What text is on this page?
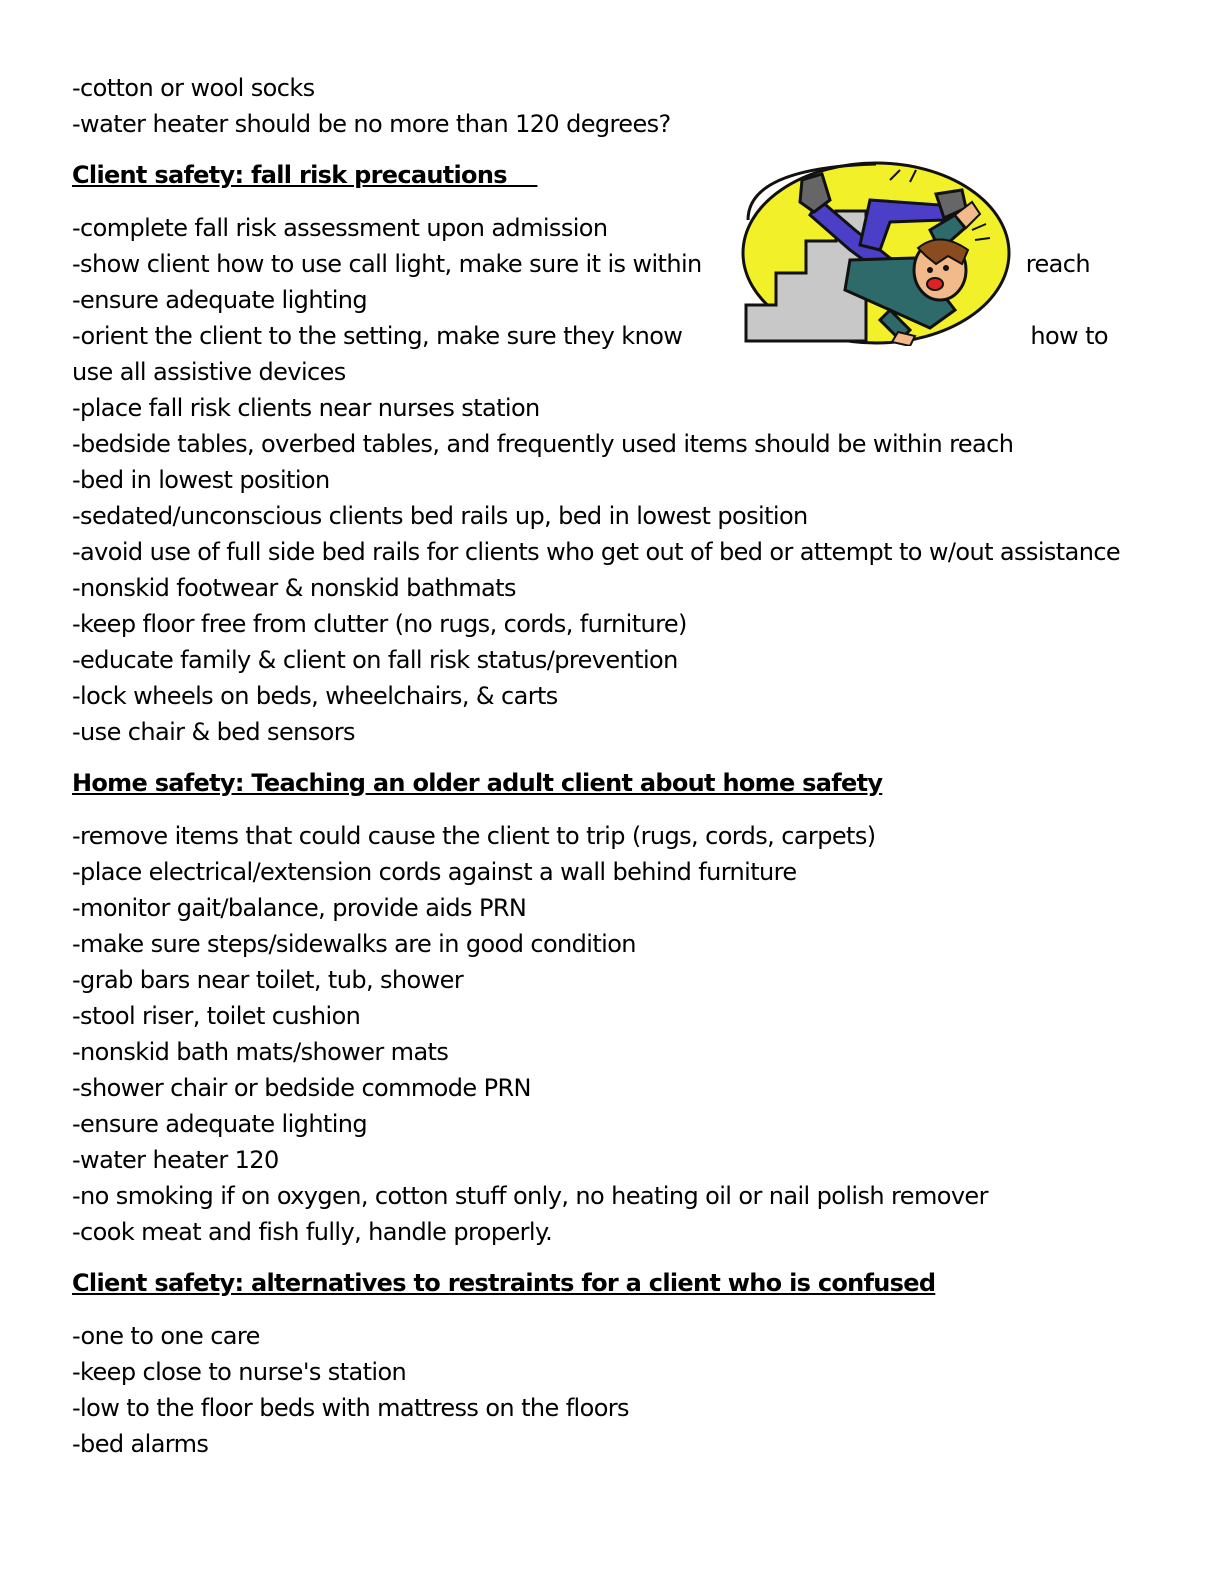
-cotton or wool socks
-water heater should be no more than 120 degrees?
Client safety: fall risk precautions
-complete fall risk assessment upon admission
-show client how to use call light, make sure it is within	reach
-ensure adequate lighting
-orient the client to the setting, make sure they know	how to
use all assistive devices
-place fall risk clients near nurses station
-bedside tables, overbed tables, and frequently used items should be within reach
-bed in lowest position
-sedated/unconscious clients bed rails up, bed in lowest position
-avoid use of full side bed rails for clients who get out of bed or attempt to w/out assistance
-nonskid footwear & nonskid bathmats
-keep floor free from clutter (no rugs, cords, furniture)
-educate family & client on fall risk status/prevention
-lock wheels on beds, wheelchairs, & carts
-use chair & bed sensors
Home safety: Teaching an older adult client about home safety
-remove items that could cause the client to trip (rugs, cords, carpets)
-place electrical/extension cords against a wall behind furniture
-monitor gait/balance, provide aids PRN
-make sure steps/sidewalks are in good condition
-grab bars near toilet, tub, shower
-stool riser, toilet cushion
-nonskid bath mats/shower mats
-shower chair or bedside commode PRN
-ensure adequate lighting
-water heater 120
-no smoking if on oxygen, cotton stuff only, no heating oil or nail polish remover
-cook meat and fish fully, handle properly.
Client safety: alternatives to restraints for a client who is confused
-one to one care
-keep close to nurse's station
-low to the floor beds with mattress on the floors
-bed alarms
